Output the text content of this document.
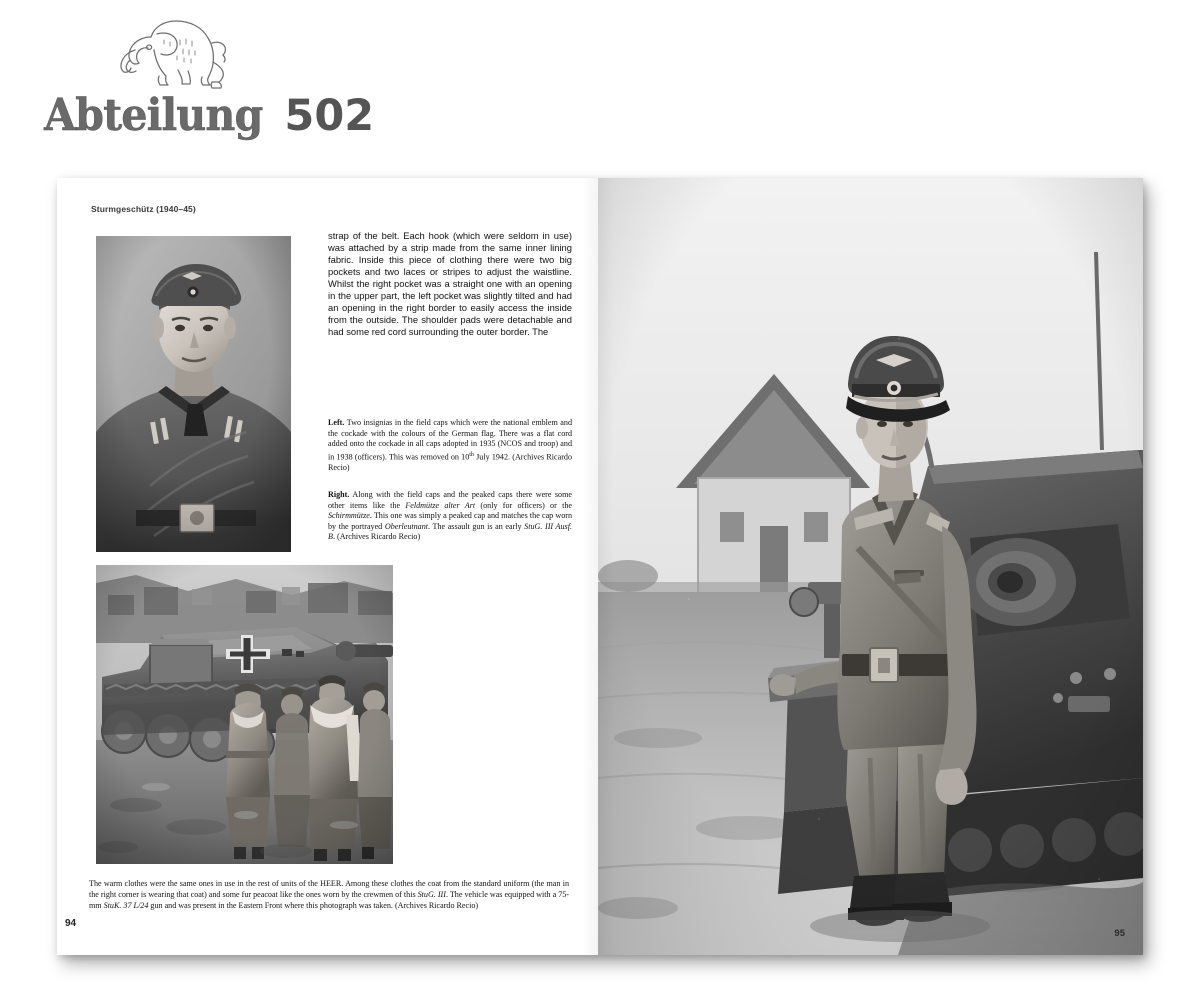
Abteilung 502
Sturmgeschütz (1940–45)

strap of the belt. Each hook (which were seldom in use) was attached by a strip made from the same inner lining fabric. Inside this piece of clothing there were two big pockets and two laces or stripes to adjust the waistline. Whilst the right pocket was a straight one with an opening in the upper part, the left pocket was slightly tilted and had an opening in the right border to easily access the inside from the outside. The shoulder pads were detachable and had some red cord surrounding the outer border. The

Left. Two insignias in the field caps which were the national emblem and the cockade with the colours of the German flag. There was a flat cord added onto the cockade in all caps adopted in 1935 (NCOS and troop) and in 1938 (officers). This was removed on 10th July 1942. (Archives Ricardo Recio)

Right. Along with the field caps and the peaked caps there were some other items like the Feldmütze alter Art (only for officers) or the Schirmmütze. This one was simply a peaked cap and matches the cap worn by the portrayed Oberleutnant. The assault gun is an early StuG. III Ausf. B. (Archives Ricardo Recio)

The warm clothes were the same ones in use in the rest of units of the HEER. Among these clothes the coat from the standard uniform (the man in the right corner is wearing that coat) and some fur peacoat like the ones worn by the crewmen of this StuG. III. The vehicle was equipped with a 75-mm StuK. 37 L/24 gun and was present in the Eastern Front where this photograph was taken. (Archives Ricardo Recio)

94
95
